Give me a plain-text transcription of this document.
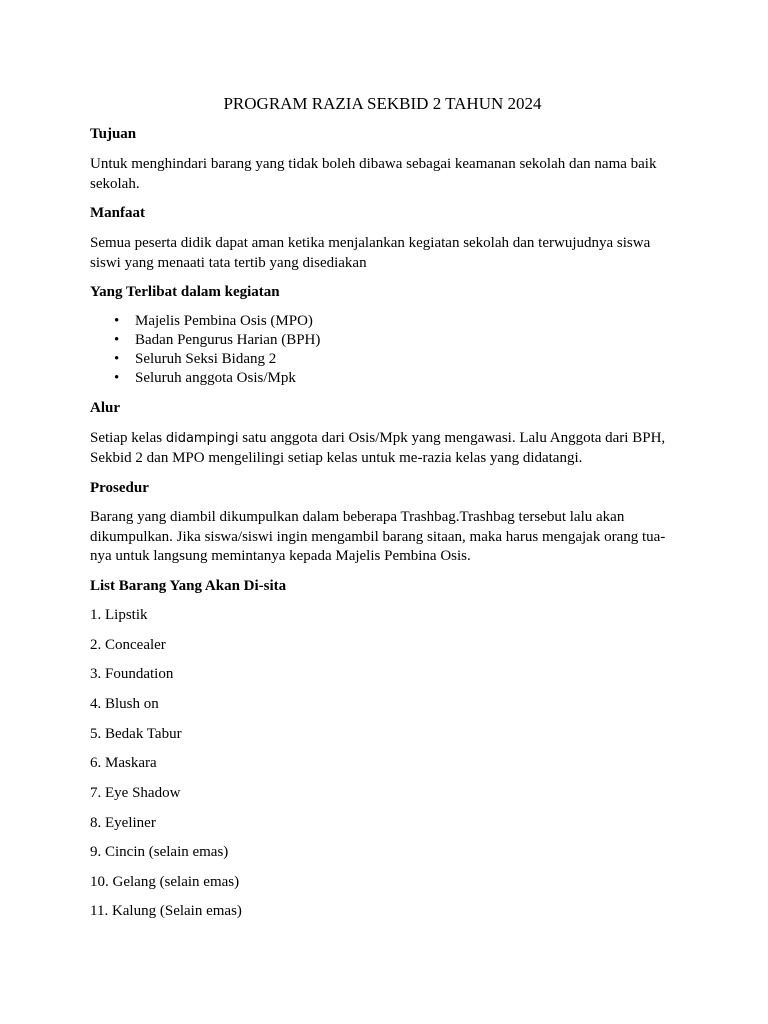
PROGRAM RAZIA SEKBID 2 TAHUN 2024

Tujuan

Untuk menghindari barang yang tidak boleh dibawa sebagai keamanan sekolah dan nama baik sekolah.

Manfaat

Semua peserta didik dapat aman ketika menjalankan kegiatan sekolah dan terwujudnya siswa siswi yang menaati tata tertib yang disediakan

Yang Terlibat dalam kegiatan

• Majelis Pembina Osis (MPO)
• Badan Pengurus Harian (BPH)
• Seluruh Seksi Bidang 2
• Seluruh anggota Osis/Mpk

Alur

Setiap kelas didampingi satu anggota dari Osis/Mpk yang mengawasi. Lalu Anggota dari BPH, Sekbid 2 dan MPO mengelilingi setiap kelas untuk me-razia kelas yang didatangi.

Prosedur

Barang yang diambil dikumpulkan dalam beberapa Trashbag.Trashbag tersebut lalu akan dikumpulkan. Jika siswa/siswi ingin mengambil barang sitaan, maka harus mengajak orang tua-nya untuk langsung memintanya kepada Majelis Pembina Osis.

List Barang Yang Akan Di-sita

1. Lipstik

2. Concealer

3. Foundation

4. Blush on

5. Bedak Tabur

6. Maskara

7. Eye Shadow

8. Eyeliner

9. Cincin (selain emas)

10. Gelang (selain emas)

11. Kalung (Selain emas)
